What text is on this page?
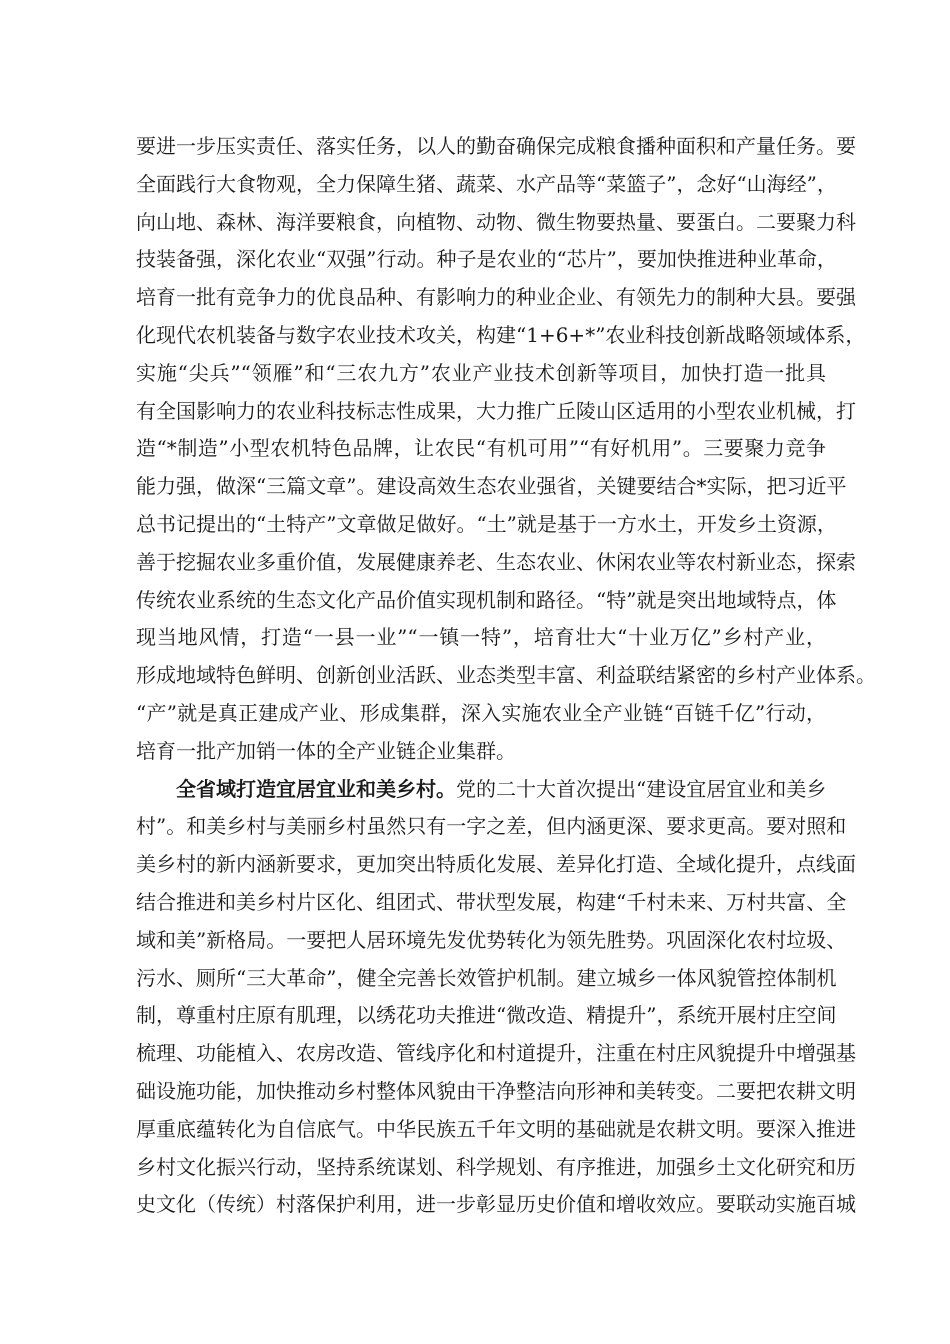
要进一步压实责任、落实任务，以人的勤奋确保完成粮食播种面积和产量任务。要
全面践行大食物观，全力保障生猪、蔬菜、水产品等“菜篮子”，念好“山海经”，
向山地、森林、海洋要粮食，向植物、动物、微生物要热量、要蛋白。二要聚力科
技装备强，深化农业“双强”行动。种子是农业的“芯片”，要加快推进种业革命，
培育一批有竞争力的优良品种、有影响力的种业企业、有领先力的制种大县。要强
化现代农机装备与数字农业技术攻关，构建“1+6+*”农业科技创新战略领域体系，
实施“尖兵”“领雁”和“三农九方”农业产业技术创新等项目，加快打造一批具
有全国影响力的农业科技标志性成果，大力推广丘陵山区适用的小型农业机械，打
造“*制造”小型农机特色品牌，让农民“有机可用”“有好机用”。三要聚力竞争
能力强，做深“三篇文章”。建设高效生态农业强省，关键要结合*实际，把习近平
总书记提出的“土特产”文章做足做好。“土”就是基于一方水土，开发乡土资源，
善于挖掘农业多重价值，发展健康养老、生态农业、休闲农业等农村新业态，探索
传统农业系统的生态文化产品价值实现机制和路径。“特”就是突出地域特点，体
现当地风情，打造“一县一业”“一镇一特”，培育壮大“十业万亿”乡村产业，
形成地域特色鲜明、创新创业活跃、业态类型丰富、利益联结紧密的乡村产业体系。
“产”就是真正建成产业、形成集群，深入实施农业全产业链“百链千亿”行动，
培育一批产加销一体的全产业链企业集群。
全省域打造宜居宜业和美乡村。党的二十大首次提出“建设宜居宜业和美乡
村”。和美乡村与美丽乡村虽然只有一字之差，但内涵更深、要求更高。要对照和
美乡村的新内涵新要求，更加突出特质化发展、差异化打造、全域化提升，点线面
结合推进和美乡村片区化、组团式、带状型发展，构建“千村未来、万村共富、全
域和美”新格局。一要把人居环境先发优势转化为领先胜势。巩固深化农村垃圾、
污水、厕所“三大革命”，健全完善长效管护机制。建立城乡一体风貌管控体制机
制，尊重村庄原有肌理，以绣花功夫推进“微改造、精提升”，系统开展村庄空间
梳理、功能植入、农房改造、管线序化和村道提升，注重在村庄风貌提升中增强基
础设施功能，加快推动乡村整体风貌由干净整洁向形神和美转变。二要把农耕文明
厚重底蕴转化为自信底气。中华民族五千年文明的基础就是农耕文明。要深入推进
乡村文化振兴行动，坚持系统谋划、科学规划、有序推进，加强乡土文化研究和历
史文化（传统）村落保护利用，进一步彰显历史价值和增收效应。要联动实施百城
